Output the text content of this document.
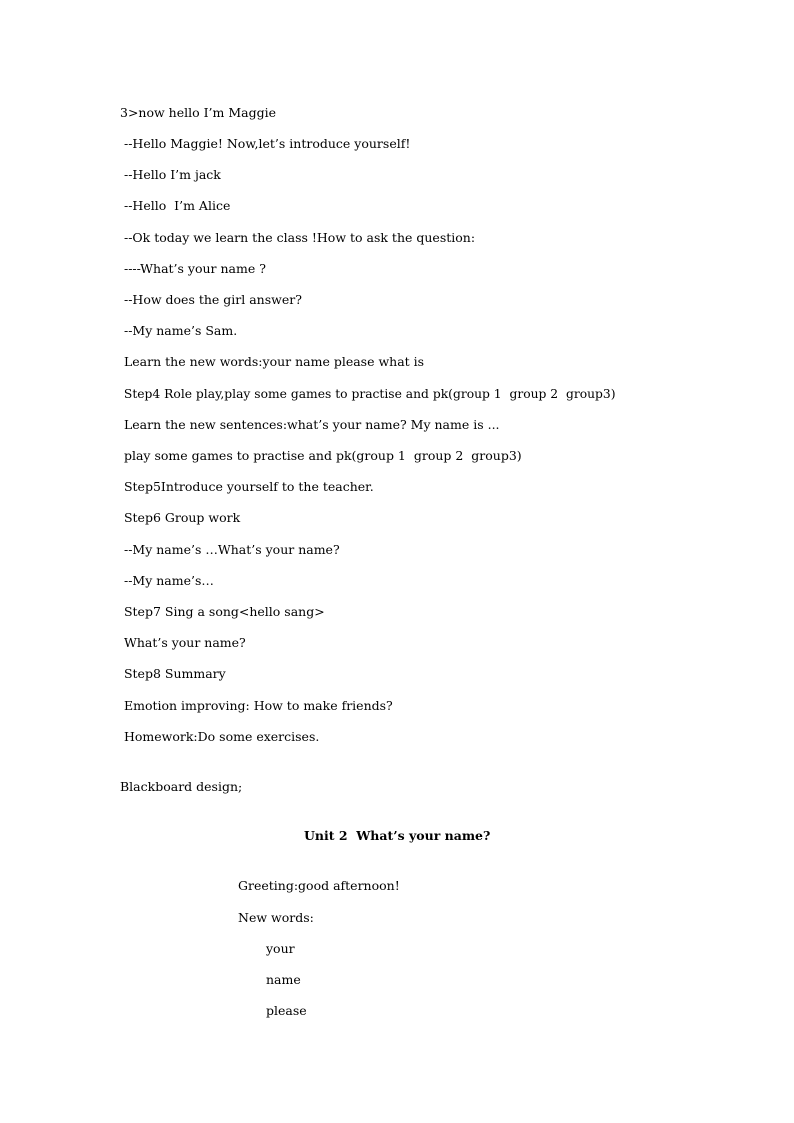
3>now hello I’m Maggie
--Hello Maggie! Now,let’s introduce yourself!
--Hello I’m jack
--Hello  I’m Alice
--Ok today we learn the class !How to ask the question:
----What’s your name ?
--How does the girl answer?
--My name’s Sam.
Learn the new words:your name please what is
Step4 Role play,play some games to practise and pk(group 1  group 2  group3)
Learn the new sentences:what’s your name? My name is ...
play some games to practise and pk(group 1  group 2  group3)
Step5Introduce yourself to the teacher.
Step6 Group work
--My name’s …What’s your name?
--My name’s…
Step7 Sing a song<hello sang>
What’s your name?
Step8 Summary
Emotion improving: How to make friends?
Homework:Do some exercises.
Blackboard design;
Unit 2  What’s your name?
Greeting:good afternoon!
New words:
your
name
please
